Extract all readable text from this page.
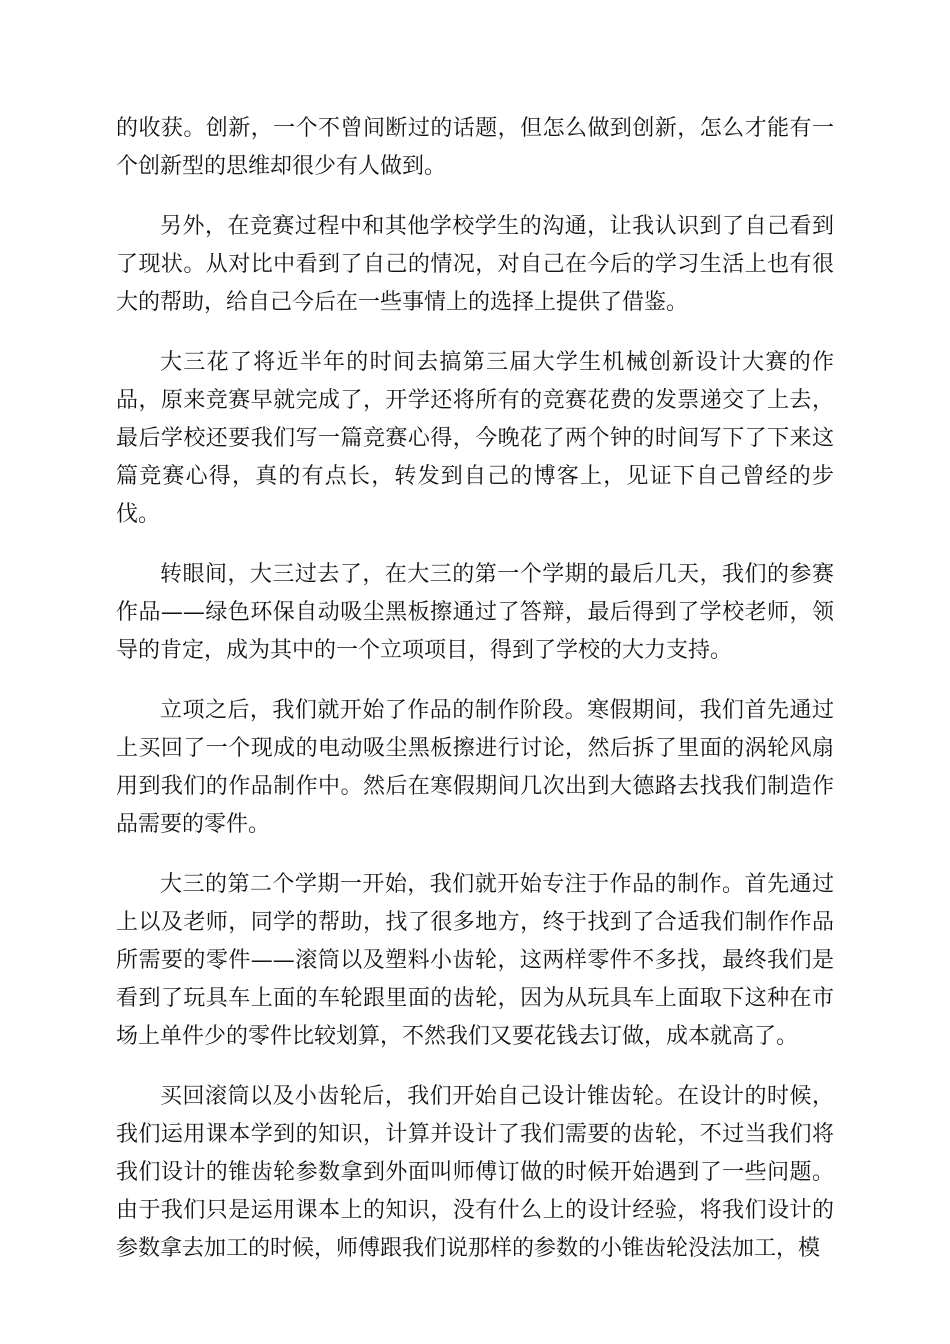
的收获。创新，一个不曾间断过的话题，但怎么做到创新，怎么才能有一个创新型的思维却很少有人做到。

另外，在竞赛过程中和其他学校学生的沟通，让我认识到了自己看到了现状。从对比中看到了自己的情况，对自己在今后的学习生活上也有很大的帮助，给自己今后在一些事情上的选择上提供了借鉴。

大三花了将近半年的时间去搞第三届大学生机械创新设计大赛的作品，原来竞赛早就完成了，开学还将所有的竞赛花费的发票递交了上去，最后学校还要我们写一篇竞赛心得，今晚花了两个钟的时间写下了下来这篇竞赛心得，真的有点长，转发到自己的博客上，见证下自己曾经的步伐。

转眼间，大三过去了，在大三的第一个学期的最后几天，我们的参赛作品——绿色环保自动吸尘黑板擦通过了答辩，最后得到了学校老师，领导的肯定，成为其中的一个立项项目，得到了学校的大力支持。

立项之后，我们就开始了作品的制作阶段。寒假期间，我们首先通过上买回了一个现成的电动吸尘黑板擦进行讨论，然后拆了里面的涡轮风扇用到我们的作品制作中。然后在寒假期间几次出到大德路去找我们制造作品需要的零件。

大三的第二个学期一开始，我们就开始专注于作品的制作。首先通过上以及老师，同学的帮助，找了很多地方，终于找到了合适我们制作作品所需要的零件——滚筒以及塑料小齿轮，这两样零件不多找，最终我们是看到了玩具车上面的车轮跟里面的齿轮，因为从玩具车上面取下这种在市场上单件少的零件比较划算，不然我们又要花钱去订做，成本就高了。

买回滚筒以及小齿轮后，我们开始自己设计锥齿轮。在设计的时候，我们运用课本学到的知识，计算并设计了我们需要的齿轮，不过当我们将我们设计的锥齿轮参数拿到外面叫师傅订做的时候开始遇到了一些问题。由于我们只是运用课本上的知识，没有什么上的设计经验，将我们设计的参数拿去加工的时候，师傅跟我们说那样的参数的小锥齿轮没法加工，模
